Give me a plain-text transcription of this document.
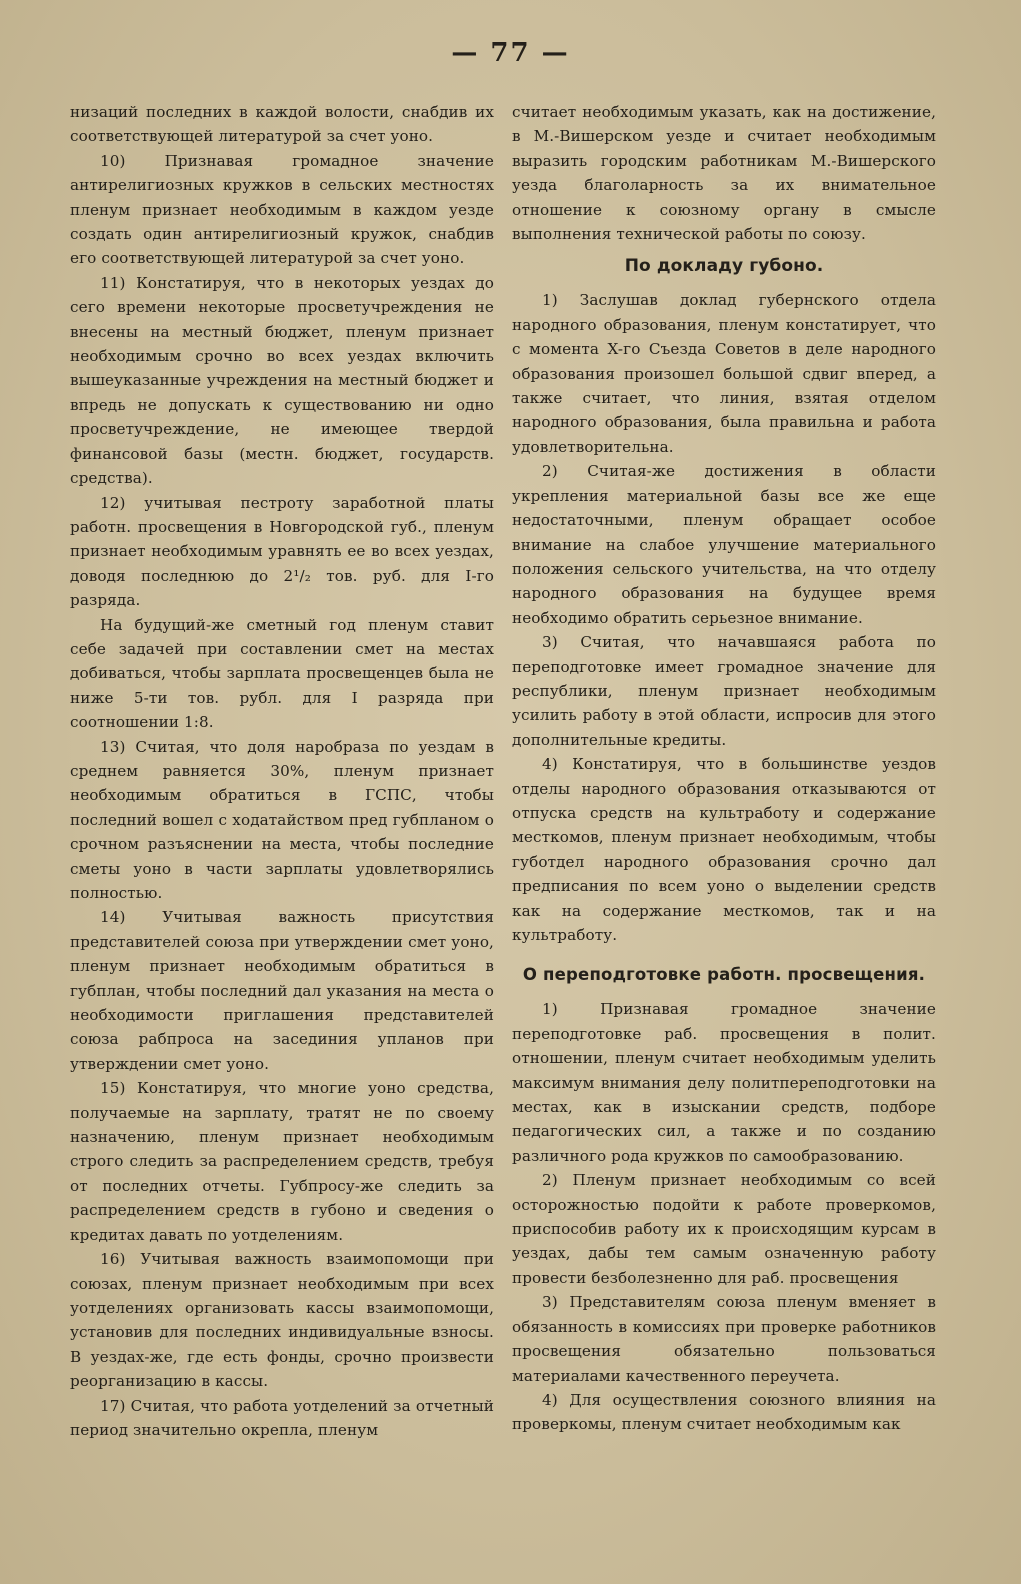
— 77 —

низаций последних в каждой волости, снабдив их соответствующей литературой за счет уоно.

10) Признавая громадное значение антирелигиозных кружков в сельских местностях пленум признает необходимым в каждом уезде создать один антирелигиозный кружок, снабдив его соответствующей литературой за счет уоно.

11) Констатируя, что в некоторых уездах до сего времени некоторые просветучреждения не внесены на местный бюджет, пленум признает необходимым срочно во всех уездах включить вышеуказанные учреждения на местный бюджет и впредь не допускать к существованию ни одно просветучреждение, не имеющее твердой финансовой базы (местн. бюджет, государств. средства).

12) учитывая пестроту заработной платы работн. просвещения в Новгородской губ., пленум признает необходимым уравнять ее во всех уездах, доводя последнюю до 2¹/₂ тов. руб. для I-го разряда.

На будущий-же сметный год пленум ставит себе задачей при составлении смет на местах добиваться, чтобы зарплата просвещенцев была не ниже 5-ти тов. рубл. для I разряда при соотношении 1:8.

13) Считая, что доля наробраза по уездам в среднем равняется 30%, пленум признает необходимым обратиться в ГСПС, чтобы последний вошел с ходатайством пред губпланом о срочном разъяснении на места, чтобы последние сметы уоно в части зарплаты удовлетворялись полностью.

14) Учитывая важность присутствия представителей союза при утверждении смет уоно, пленум признает необходимым обратиться в губплан, чтобы последний дал указания на места о необходимости приглашения представителей союза рабпроса на засединия упланов при утверждении смет уоно.

15) Констатируя, что многие уоно средства, получаемые на зарплату, тратят не по своему назначению, пленум признает необходимым строго следить за распределением средств, требуя от последних отчеты. Губпросу-же следить за распределением средств в губоно и сведения о кредитах давать по уотделениям.

16) Учитывая важность взаимопомощи при союзах, пленум признает необходимым при всех уотделениях организовать кассы взаимопомощи, установив для последних индивидуальные взносы. В уездах-же, где есть фонды, срочно произвести реорганизацию в кассы.

17) Считая, что работа уотделений за отчетный период значительно окрепла, пленум

считает необходимым указать, как на достижение, в М.-Вишерском уезде и считает необходимым выразить городским работникам М.-Вишерского уезда благоларность за их внимательное отношение к союзному органу в смысле выполнения технической работы по союзу.

По докладу губоно.

1) Заслушав доклад губернского отдела народного образования, пленум констатирует, что с момента X-го Съезда Советов в деле народного образования произошел большой сдвиг вперед, а также считает, что линия, взятая отделом народного образования, была правильна и работа удовлетворительна.

2) Считая-же достижения в области укрепления материальной базы все же еще недостаточными, пленум обращает особое внимание на слабое улучшение материального положения сельского учительства, на что отделу народного образования на будущее время необходимо обратить серьезное внимание.

3) Считая, что начавшаяся работа по переподготовке имеет громадное значение для республики, пленум признает необходимым усилить работу в этой области, испросив для этого дополнительные кредиты.

4) Констатируя, что в большинстве уездов отделы народного образования отказываются от отпуска средств на культработу и содержание месткомов, пленум признает необходимым, чтобы губотдел народного образования срочно дал предписания по всем уоно о выделении средств как на содержание месткомов, так и на культработу.

О переподготовке работн. просвещения.

1) Признавая громадное значение переподготовке раб. просвещения в полит. отношении, пленум считает необходимым уделить максимум внимания делу политпереподготовки на местах, как в изыскании средств, подборе педагогических сил, а также и по созданию различного рода кружков по самообразованию.

2) Пленум признает необходимым со всей осторожностью подойти к работе проверкомов, приспособив работу их к происходящим курсам в уездах, дабы тем самым означенную работу провести безболезненно для раб. просвещения

3) Представителям союза пленум вменяет в обязанность в комиссиях при проверке работников просвещения обязательно пользоваться материалами качественного переучета.

4) Для осуществления союзного влияния на проверкомы, пленум считает необходимым как
